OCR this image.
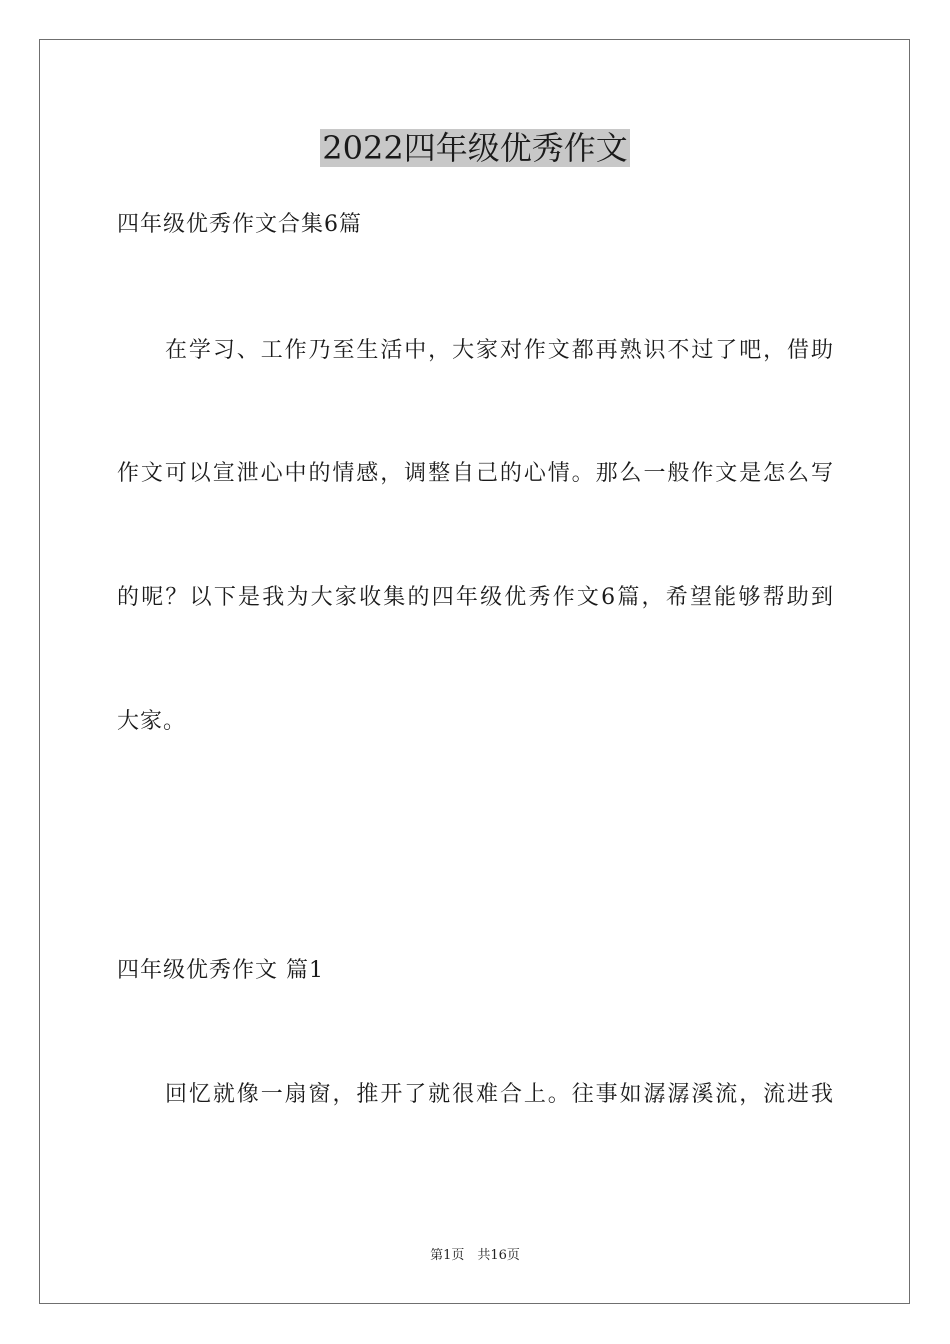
2022四年级优秀作文
四年级优秀作文合集6篇
在学习、工作乃至生活中，大家对作文都再熟识不过了吧，借助
作文可以宣泄心中的情感，调整自己的心情。那么一般作文是怎么写
的呢？以下是我为大家收集的四年级优秀作文6篇，希望能够帮助到
大家。
四年级优秀作文 篇1
回忆就像一扇窗，推开了就很难合上。往事如潺潺溪流，流进我
第1页　共16页
